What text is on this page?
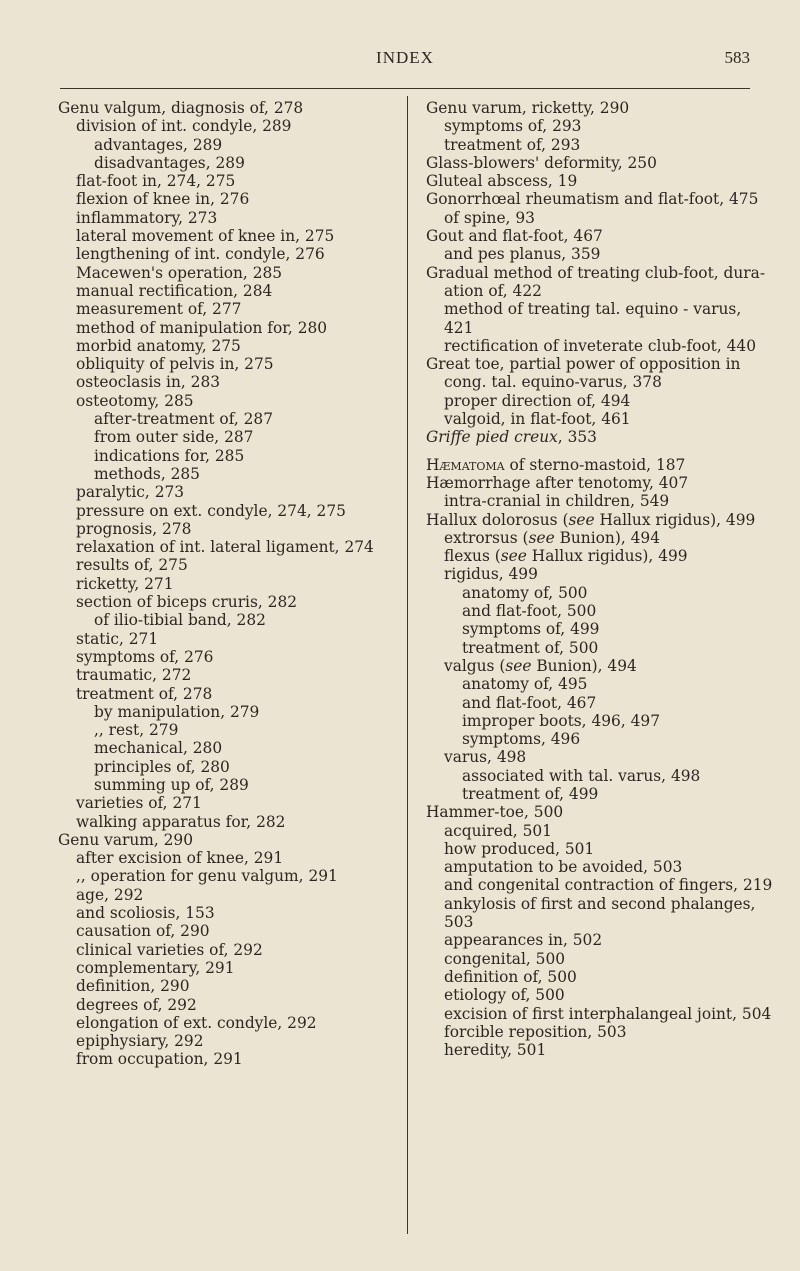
INDEX	583
Genu valgum, diagnosis of, 278
division of int. condyle, 289
advantages, 289
disadvantages, 289
flat-foot in, 274, 275
flexion of knee in, 276
inflammatory, 273
lateral movement of knee in, 275
lengthening of int. condyle, 276
Macewen's operation, 285
manual rectification, 284
measurement of, 277
method of manipulation for, 280
morbid anatomy, 275
obliquity of pelvis in, 275
osteoclasis in, 283
osteotomy, 285
after-treatment of, 287
from outer side, 287
indications for, 285
methods, 285
paralytic, 273
pressure on ext. condyle, 274, 275
prognosis, 278
relaxation of int. lateral ligament, 274
results of, 275
ricketty, 271
section of biceps cruris, 282
of ilio-tibial band, 282
static, 271
symptoms of, 276
traumatic, 272
treatment of, 278
by manipulation, 279
,, rest, 279
mechanical, 280
principles of, 280
summing up of, 289
varieties of, 271
walking apparatus for, 282
Genu varum, 290
after excision of knee, 291
,, operation for genu valgum, 291
age, 292
and scoliosis, 153
causation of, 290
clinical varieties of, 292
complementary, 291
definition, 290
degrees of, 292
elongation of ext. condyle, 292
epiphysiary, 292
from occupation, 291
Genu varum, ricketty, 290
symptoms of, 293
treatment of, 293
Glass-blowers' deformity, 250
Gluteal abscess, 19
Gonorrhœal rheumatism and flat-foot, 475
of spine, 93
Gout and flat-foot, 467
and pes planus, 359
Gradual method of treating club-foot, dura-
ation of, 422
method of treating tal. equino - varus,
421
rectification of inveterate club-foot, 440
Great toe, partial power of opposition in
cong. tal. equino-varus, 378
proper direction of, 494
valgoid, in flat-foot, 461
Griffe pied creux, 353
Hæmatoma of sterno-mastoid, 187
Hæmorrhage after tenotomy, 407
intra-cranial in children, 549
Hallux dolorosus (see Hallux rigidus), 499
extrorsus (see Bunion), 494
flexus (see Hallux rigidus), 499
rigidus, 499
anatomy of, 500
and flat-foot, 500
symptoms of, 499
treatment of, 500
valgus (see Bunion), 494
anatomy of, 495
and flat-foot, 467
improper boots, 496, 497
symptoms, 496
varus, 498
associated with tal. varus, 498
treatment of, 499
Hammer-toe, 500
acquired, 501
how produced, 501
amputation to be avoided, 503
and congenital contraction of fingers, 219
ankylosis of first and second phalanges,
503
appearances in, 502
congenital, 500
definition of, 500
etiology of, 500
excision of first interphalangeal joint, 504
forcible reposition, 503
heredity, 501
